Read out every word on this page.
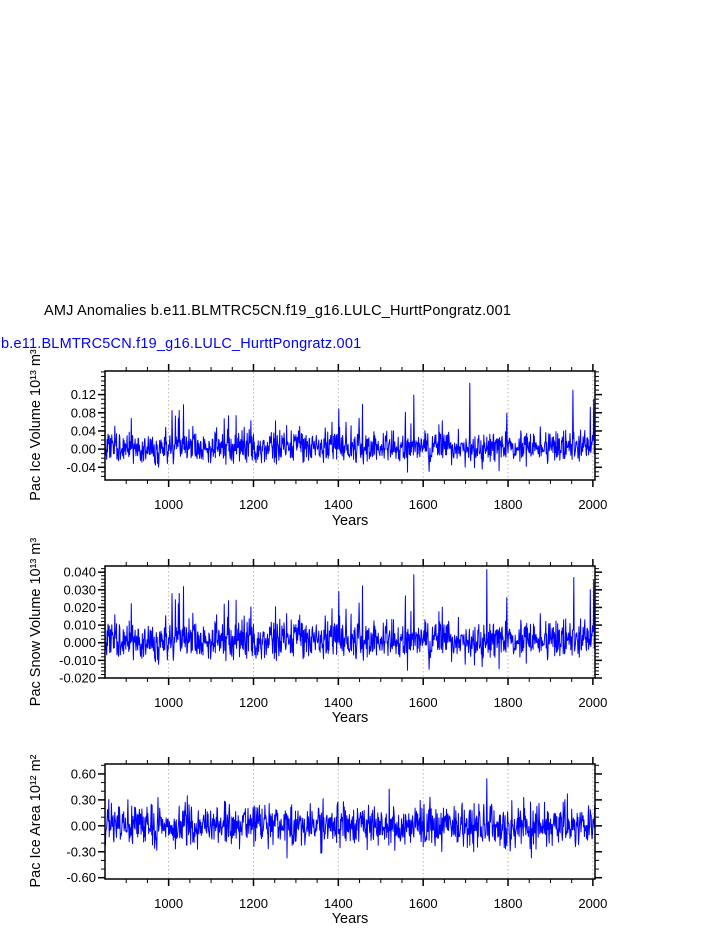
AMJ Anomalies b.e11.BLMTRC5CN.f19_g16.LULC_HurttPongratz.001
Pac Ice Volume 10¹³ m³
Pac Snow Volume 10¹³ m³
Pac Ice Area 10¹² m²
b.e11.BLMTRC5CN.f19_g16.LULC_HurttPongratz.001
Years
Years
Years
1000	1200	1400	1600	1800	2000
-0.04
0.00
0.04
0.08
0.12
1000	1200	1400	1600	1800	2000
-0.020
-0.010
0.000
0.010
0.020
0.030
0.040
1000	1200	1400	1600	1800	2000
-0.60
-0.30
0.00
0.30
0.60
